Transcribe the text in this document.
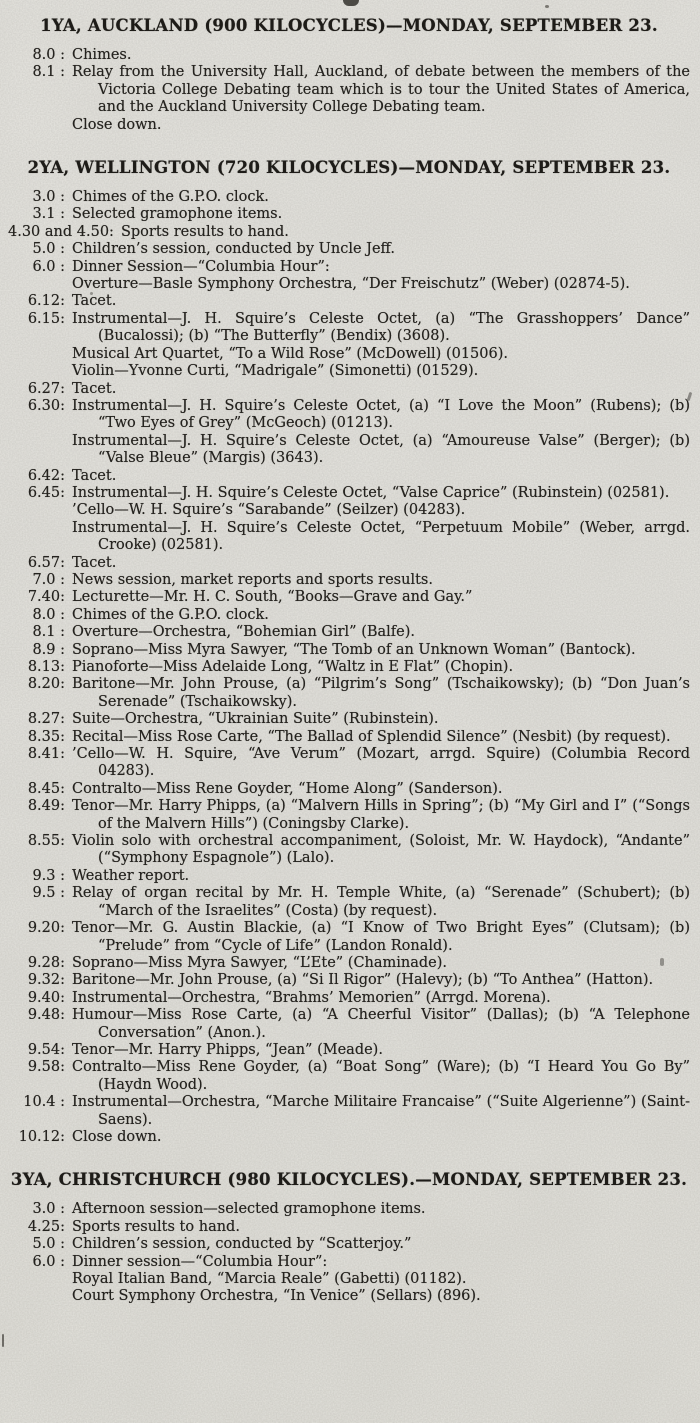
1YA, AUCKLAND (900 KILOCYCLES)—MONDAY, SEPTEMBER 23.
8.0 : Chimes.
8.1 : Relay from the University Hall, Auckland, of debate between the members of the Victoria College Debating team which is to tour the United States of America, and the Auckland University College Debating team.
Close down.
2YA, WELLINGTON (720 KILOCYCLES)—MONDAY, SEPTEMBER 23.
3.0 : Chimes of the G.P.O. clock.
3.1 : Selected gramophone items.
4.30 and 4.50: Sports results to hand.
5.0 : Children’s session, conducted by Uncle Jeff.
6.0 : Dinner Session—“Columbia Hour”:
Overture—Basle Symphony Orchestra, “Der Freischutz” (Weber) (02874-5).
6.12: Tacet.
6.15: Instrumental—J. H. Squire’s Celeste Octet, (a) “The Grasshoppers’ Dance” (Bucalossi); (b) “The Butterfly” (Bendix) (3608).
Musical Art Quartet, “To a Wild Rose” (McDowell) (01506).
Violin—Yvonne Curti, “Madrigale” (Simonetti) (01529).
6.27: Tacet.
6.30: Instrumental—J. H. Squire’s Celeste Octet, (a) “I Love the Moon” (Rubens); (b) “Two Eyes of Grey” (McGeoch) (01213).
Instrumental—J. H. Squire’s Celeste Octet, (a) “Amoureuse Valse” (Berger); (b) “Valse Bleue” (Margis) (3643).
6.42: Tacet.
6.45: Instrumental—J. H. Squire’s Celeste Octet, “Valse Caprice” (Rubinstein) (02581).
’Cello—W. H. Squire’s “Sarabande” (Seilzer) (04283).
Instrumental—J. H. Squire’s Celeste Octet, “Perpetuum Mobile” (Weber, arrgd. Crooke) (02581).
6.57: Tacet.
7.0 : News session, market reports and sports results.
7.40: Lecturette—Mr. H. C. South, “Books—Grave and Gay.”
8.0 : Chimes of the G.P.O. clock.
8.1 : Overture—Orchestra, “Bohemian Girl” (Balfe).
8.9 : Soprano—Miss Myra Sawyer, “The Tomb of an Unknown Woman” (Bantock).
8.13: Pianoforte—Miss Adelaide Long, “Waltz in E Flat” (Chopin).
8.20: Baritone—Mr. John Prouse, (a) “Pilgrim’s Song” (Tschaikowsky); (b) “Don Juan’s Serenade” (Tschaikowsky).
8.27: Suite—Orchestra, “Ukrainian Suite” (Rubinstein).
8.35: Recital—Miss Rose Carte, “The Ballad of Splendid Silence” (Nesbit) (by request).
8.41: ’Cello—W. H. Squire, “Ave Verum” (Mozart, arrgd. Squire) (Columbia Record 04283).
8.45: Contralto—Miss Rene Goyder, “Home Along” (Sanderson).
8.49: Tenor—Mr. Harry Phipps, (a) “Malvern Hills in Spring”; (b) “My Girl and I” (“Songs of the Malvern Hills”) (Coningsby Clarke).
8.55: Violin solo with orchestral accompaniment, (Soloist, Mr. W. Haydock), “Andante” (“Symphony Espagnole”) (Lalo).
9.3 : Weather report.
9.5 : Relay of organ recital by Mr. H. Temple White, (a) “Serenade” (Schubert); (b) “March of the Israelites” (Costa) (by request).
9.20: Tenor—Mr. G. Austin Blackie, (a) “I Know of Two Bright Eyes” (Clutsam); (b) “Prelude” from “Cycle of Life” (Landon Ronald).
9.28: Soprano—Miss Myra Sawyer, “L’Ete” (Chaminade).
9.32: Baritone—Mr. John Prouse, (a) “Si Il Rigor” (Halevy); (b) “To Anthea” (Hatton).
9.40: Instrumental—Orchestra, “Brahms’ Memorien” (Arrgd. Morena).
9.48: Humour—Miss Rose Carte, (a) “A Cheerful Visitor” (Dallas); (b) “A Telephone Conversation” (Anon.).
9.54: Tenor—Mr. Harry Phipps, “Jean” (Meade).
9.58: Contralto—Miss Rene Goyder, (a) “Boat Song” (Ware); (b) “I Heard You Go By” (Haydn Wood).
10.4 : Instrumental—Orchestra, “Marche Militaire Francaise” (“Suite Algerienne”) (Saint-Saens).
10.12: Close down.
3YA, CHRISTCHURCH (980 KILOCYCLES).—MONDAY, SEPTEMBER 23.
3.0 : Afternoon session—selected gramophone items.
4.25: Sports results to hand.
5.0 : Children’s session, conducted by “Scatterjoy.”
6.0 : Dinner session—“Columbia Hour”:
Royal Italian Band, “Marcia Reale” (Gabetti) (01182).
Court Symphony Orchestra, “In Venice” (Sellars) (896).
